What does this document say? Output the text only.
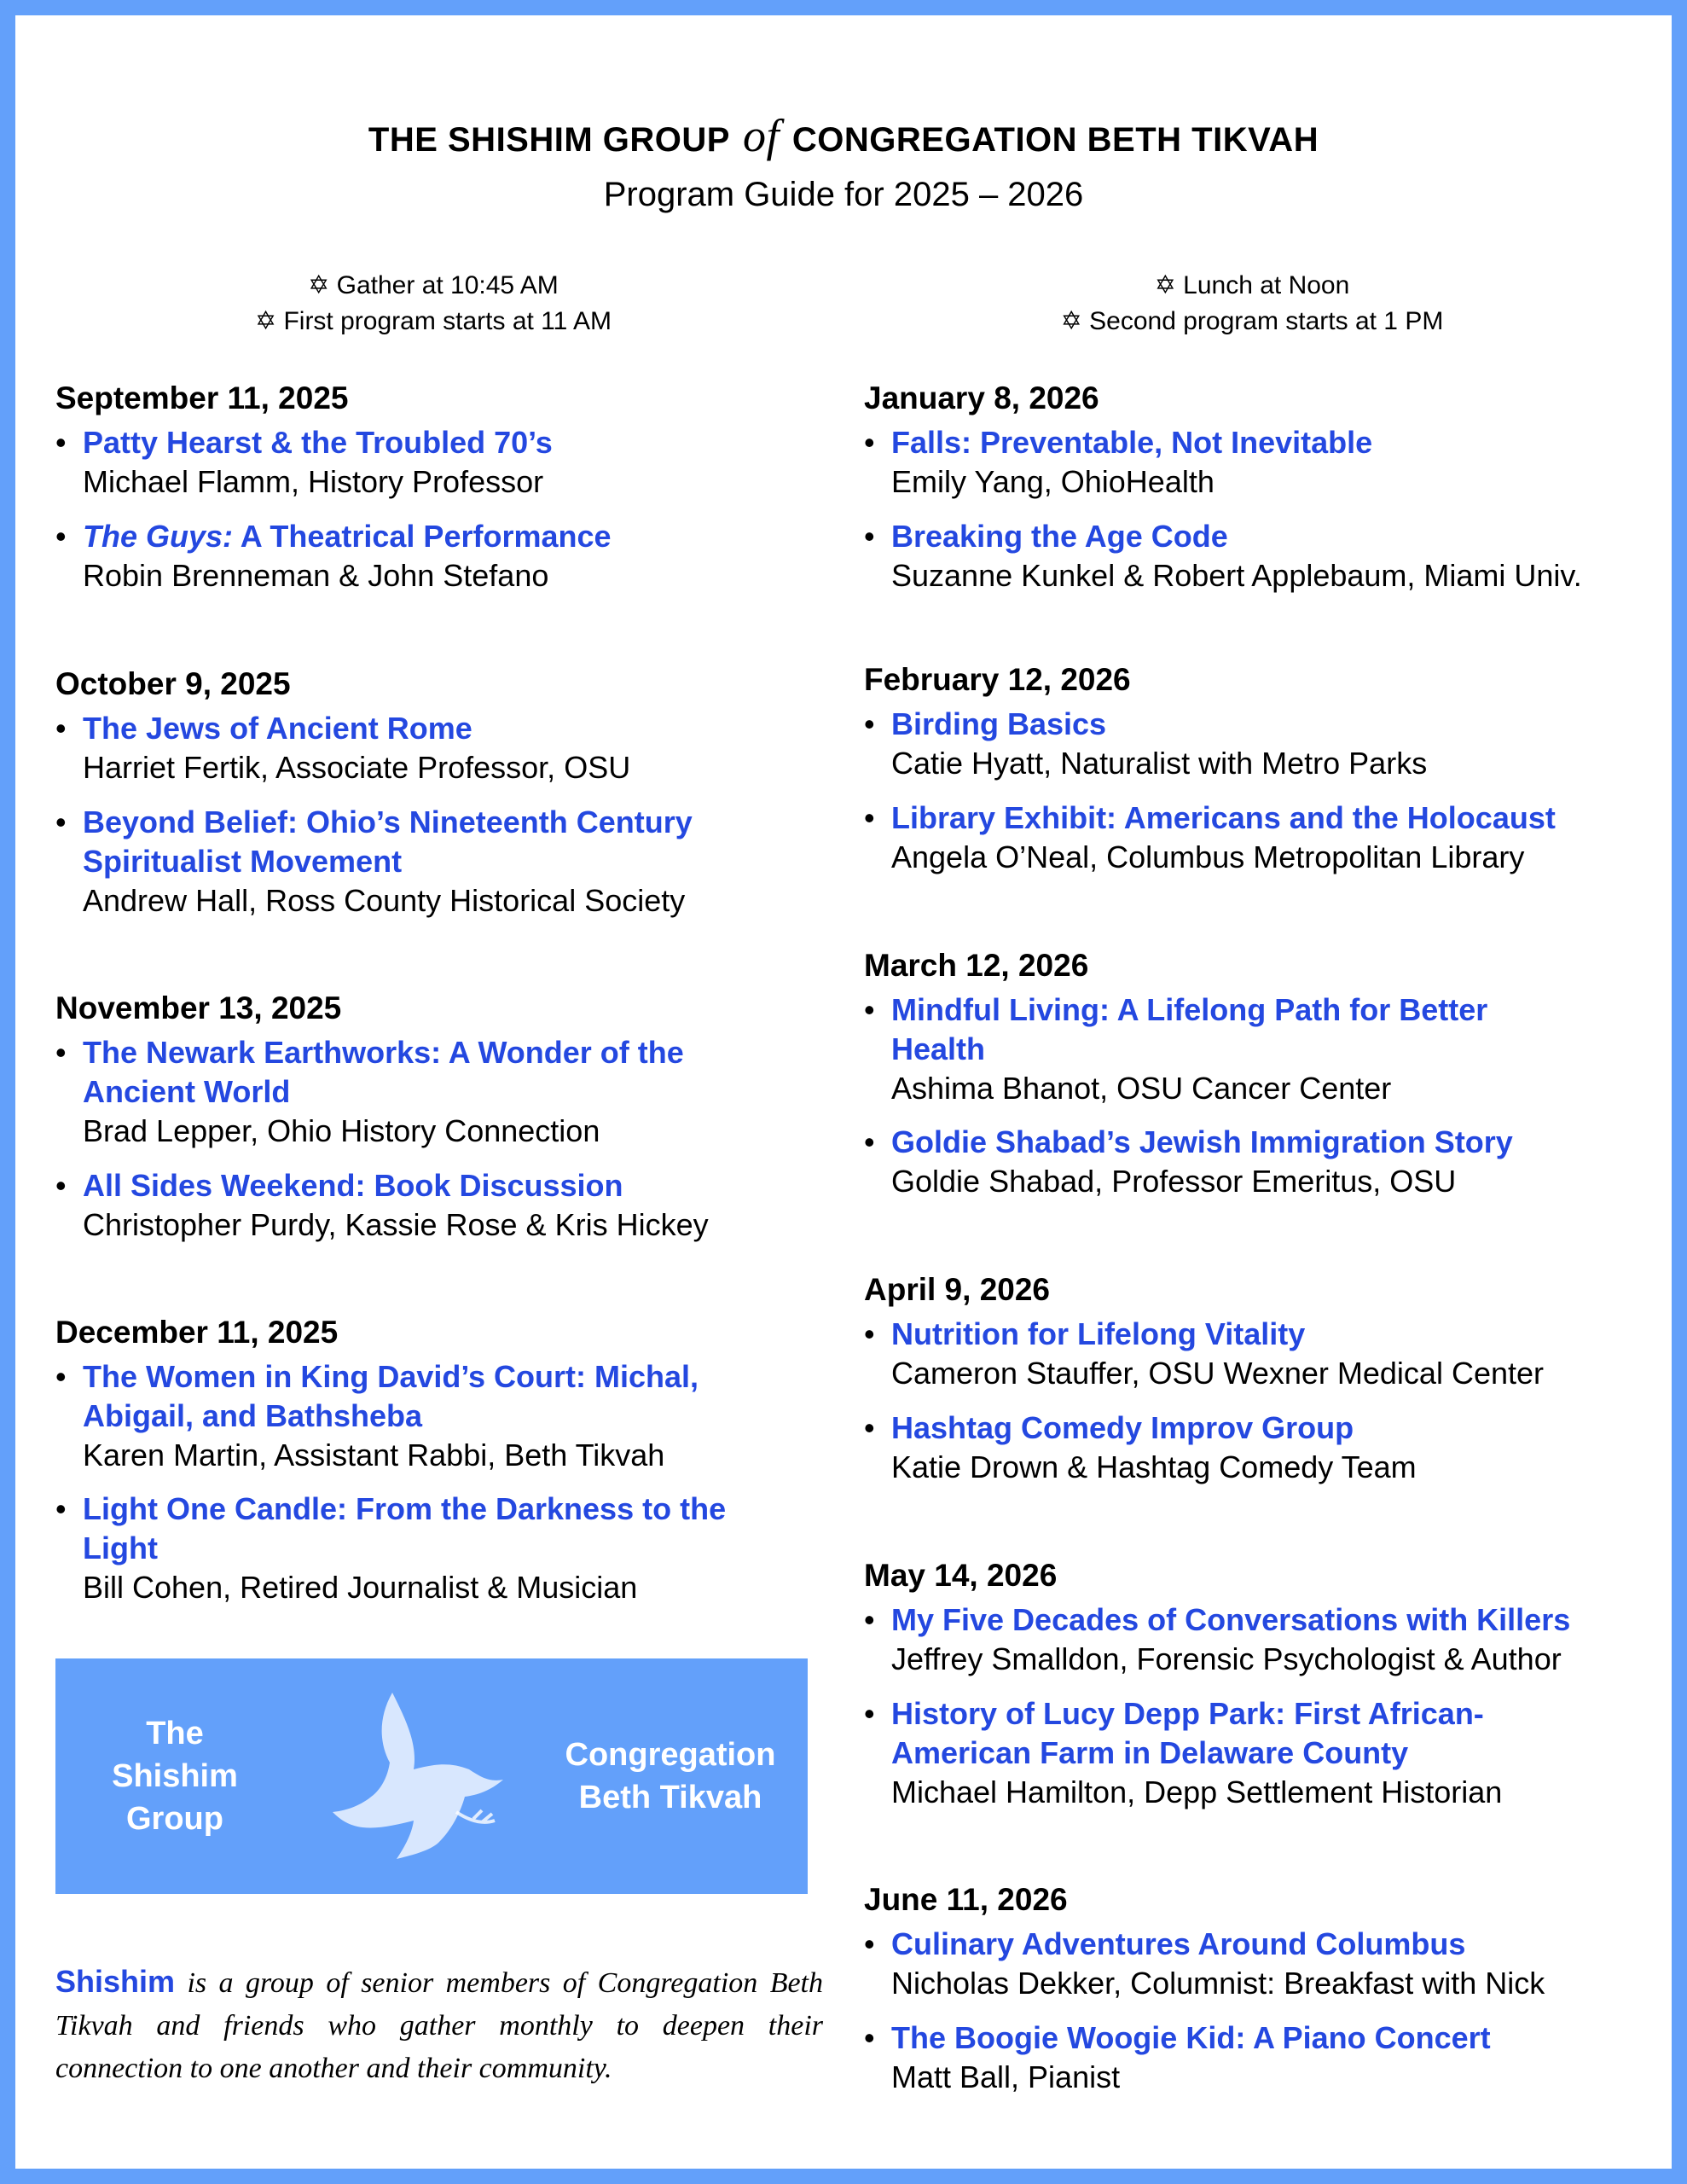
THE SHISHIM GROUP of CONGREGATION BETH TIKVAH
Program Guide for 2025 – 2026
✡ Gather at 10:45 AM
✡ First program starts at 11 AM
✡ Lunch at Noon
✡ Second program starts at 1 PM
September 11, 2025
• Patty Hearst & the Troubled 70’s
Michael Flamm, History Professor
• The Guys: A Theatrical Performance
Robin Brenneman & John Stefano
October 9, 2025
• The Jews of Ancient Rome
Harriet Fertik, Associate Professor, OSU
• Beyond Belief: Ohio’s Nineteenth Century
Spiritualist Movement
Andrew Hall, Ross County Historical Society
November 13, 2025
• The Newark Earthworks: A Wonder of the
Ancient World
Brad Lepper, Ohio History Connection
• All Sides Weekend: Book Discussion
Christopher Purdy, Kassie Rose & Kris Hickey
December 11, 2025
• The Women in King David’s Court: Michal,
Abigail, and Bathsheba
Karen Martin, Assistant Rabbi, Beth Tikvah
• Light One Candle: From the Darkness to the
Light
Bill Cohen, Retired Journalist & Musician
January 8, 2026
• Falls: Preventable, Not Inevitable
Emily Yang, OhioHealth
• Breaking the Age Code
Suzanne Kunkel & Robert Applebaum, Miami Univ.
February 12, 2026
• Birding Basics
Catie Hyatt, Naturalist with Metro Parks
• Library Exhibit: Americans and the Holocaust
Angela O’Neal, Columbus Metropolitan Library
March 12, 2026
• Mindful Living: A Lifelong Path for Better
Health
Ashima Bhanot, OSU Cancer Center
• Goldie Shabad’s Jewish Immigration Story
Goldie Shabad, Professor Emeritus, OSU
April 9, 2026
• Nutrition for Lifelong Vitality
Cameron Stauffer, OSU Wexner Medical Center
• Hashtag Comedy Improv Group
Katie Drown & Hashtag Comedy Team
May 14, 2026
• My Five Decades of Conversations with Killers
Jeffrey Smalldon, Forensic Psychologist & Author
• History of Lucy Depp Park: First African-
American Farm in Delaware County
Michael Hamilton, Depp Settlement Historian
June 11, 2026
• Culinary Adventures Around Columbus
Nicholas Dekker, Columnist: Breakfast with Nick
• The Boogie Woogie Kid: A Piano Concert
Matt Ball, Pianist
The
Shishim
Group
Congregation
Beth Tikvah
Shishim is a group of senior members of Congregation Beth Tikvah and friends who gather monthly to deepen their connection to one another and their community.
